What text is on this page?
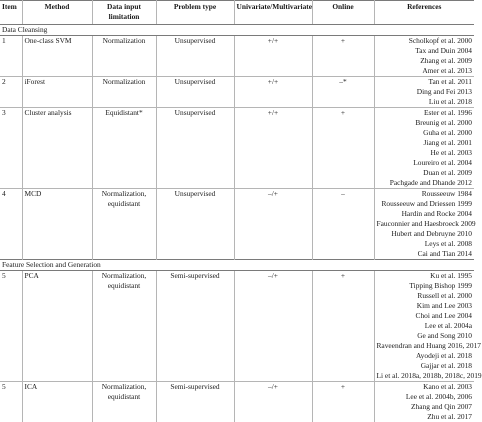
Item	Method	Data input limitation	Problem type	Univariate/Multivariate	Online	References
Data Cleansing						
1	One-class SVM	Normalization	Unsupervised	+/+	+	Scholkopf et al. 2000
						Tax and Duin 2004
						Zhang et al. 2009
						Amer et al. 2013
2	iForest	Normalization	Unsupervised	+/+	–*	Tan et al. 2011
						Ding and Fei 2013
						Liu et al. 2018
3	Cluster analysis	Equidistant*	Unsupervised	+/+	+	Ester et al. 1996
						Breunig et al. 2000
						Guha et al. 2000
						Jiang et al. 2001
						He et al. 2003
						Loureiro et al. 2004
						Duan et al. 2009
						Pachgade and Dhande 2012
4	MCD	Normalization, equidistant	Unsupervised	–/+	–	Rousseeuw 1984
						Rousseeuw and Driessen 1999
						Hardin and Rocke 2004
						Fauconnier and Haesbroeck 2009
						Hubert and Debruyne 2010
						Leys et al. 2008
						Cai and Tian 2014
Feature Selection and Generation						
5	PCA	Normalization, equidistant	Semi-supervised	–/+	+	Ku et al. 1995
						Tipping Bishop 1999
						Russell et al. 2000
						Kim and Lee 2003
						Choi and Lee 2004
						Lee et al. 2004a
						Ge and Song 2010
						Raveendran and Huang 2016, 2017
						Ayodeji et al. 2018
						Gajjar et al. 2018
						Li et al. 2018a, 2018b, 2018c, 2019
5	ICA	Normalization, equidistant	Semi-supervised	–/+	+	Kano et al. 2003
						Lee et al. 2004b, 2006
						Zhang and Qin 2007
						Zhu et al. 2017
